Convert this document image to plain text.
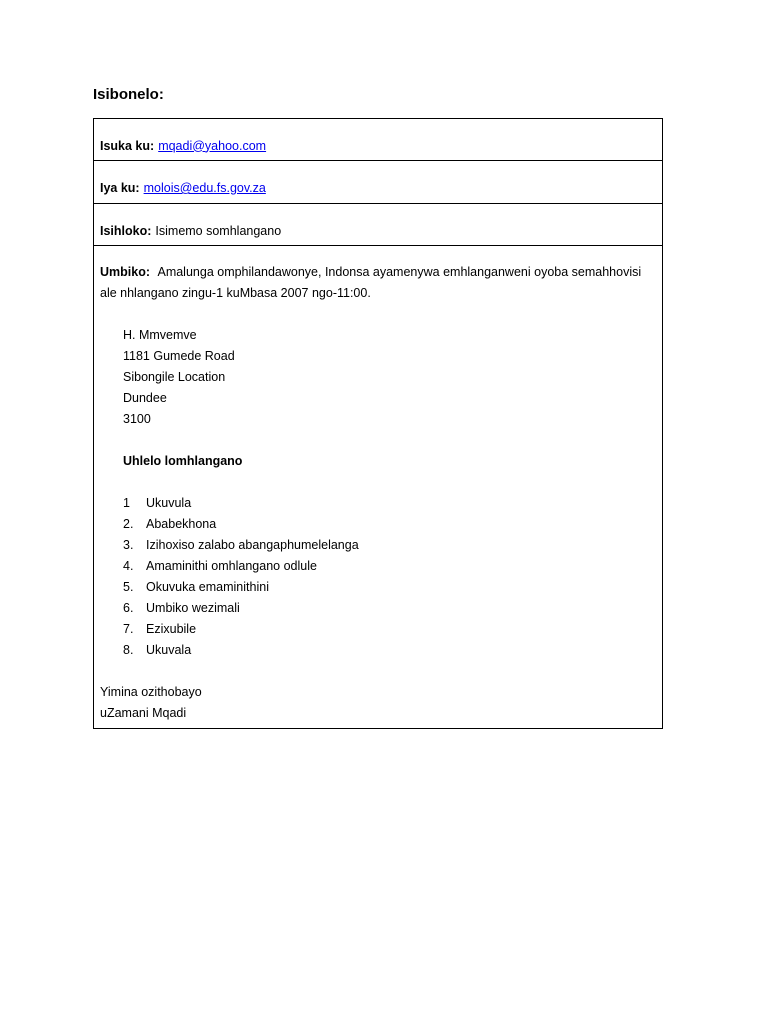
Isibonelo:
Isuka ku: mqadi@yahoo.com
Iya ku: molois@edu.fs.gov.za
Isihloko: Isimemo somhlangano

Umbiko: Amalunga omphilandawonye, Indonsa ayamenywa emhlanganweni oyoba semahhovisi ale nhlangano zingu-1 kuMbasa 2007 ngo-11:00.

H. Mmvemve
1181 Gumede Road
Sibongile Location
Dundee
3100
Uhlelo lomhlangano
1	Ukuvula
2.	Ababekhona
3.	Izihoxiso zalabo abangaphumelelanga
4.	Amaminithi omhlangano odlule
5.	Okuvuka emaminithini
6.	Umbiko wezimali
7.	Ezixubile
8.	Ukuvala
Yimina ozithobayo
uZamani Mqadi
